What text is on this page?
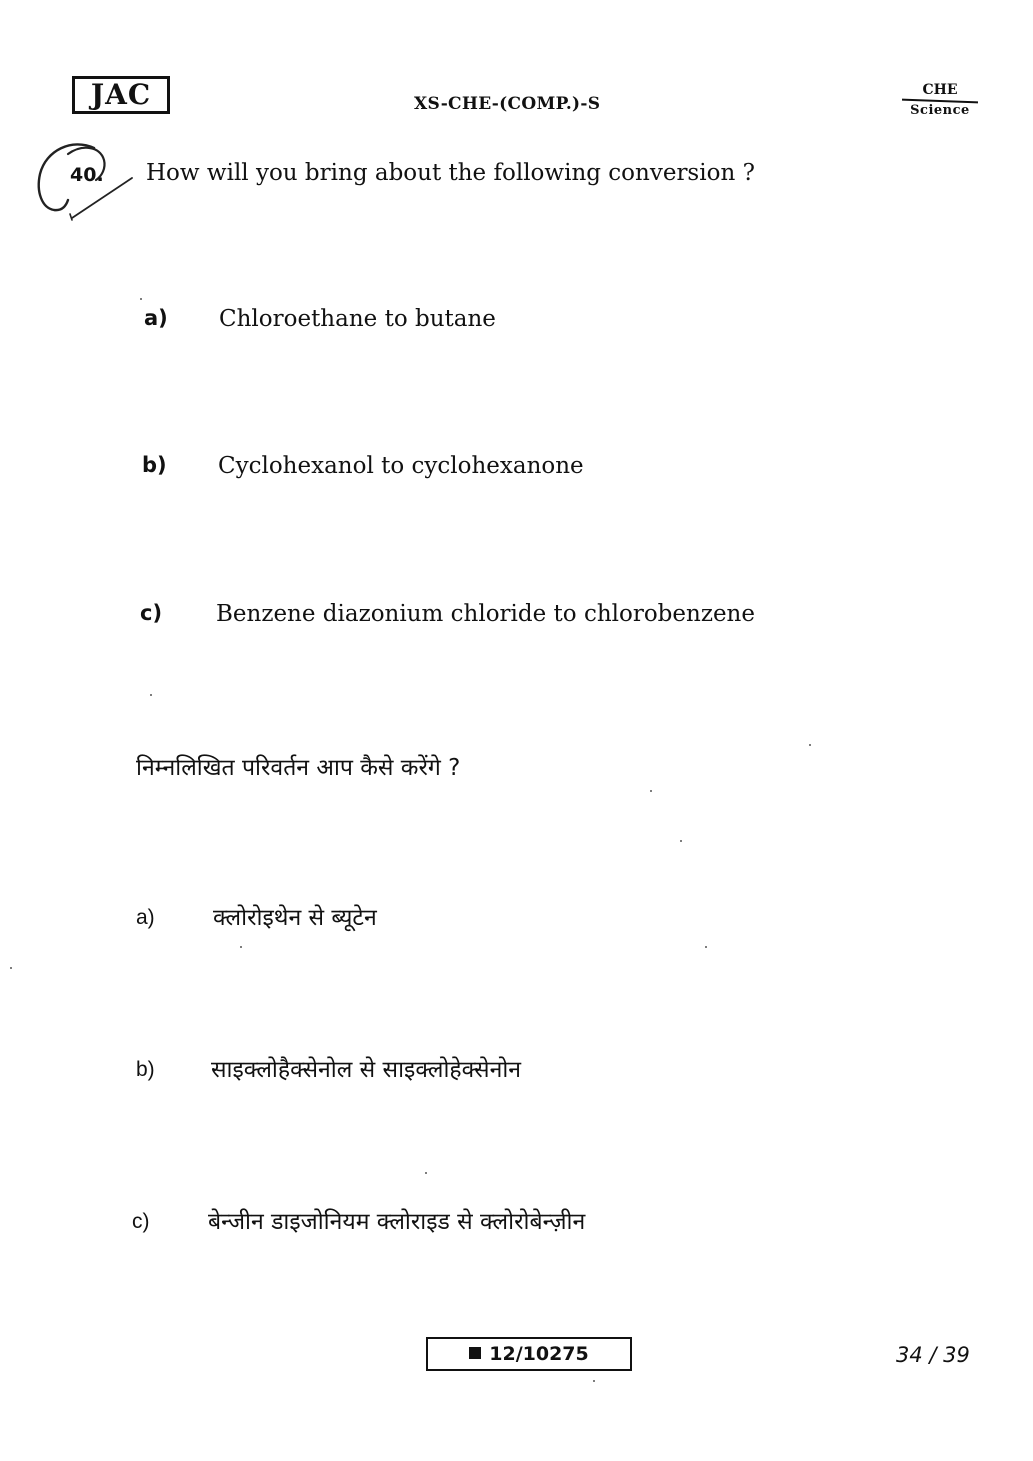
JAC	XS-CHE-(COMP.)-S
CHE
Science
40. How will you bring about the following conversion ?
a) Chloroethane to butane
b) Cyclohexanol to cyclohexanone
c) Benzene diazonium chloride to chlorobenzene
निम्नलिखित परिवर्तन आप कैसे करेंगे ?
a)	क्लोरोइथेन से ब्यूटेन
b) साइक्लोहैक्सेनोल से साइक्लोहेक्सेनोन
c)	बेन्जीन डाइजोनियम क्लोराइड से क्लोरोबेन्ज़ीन
12/10275	34 / 39
